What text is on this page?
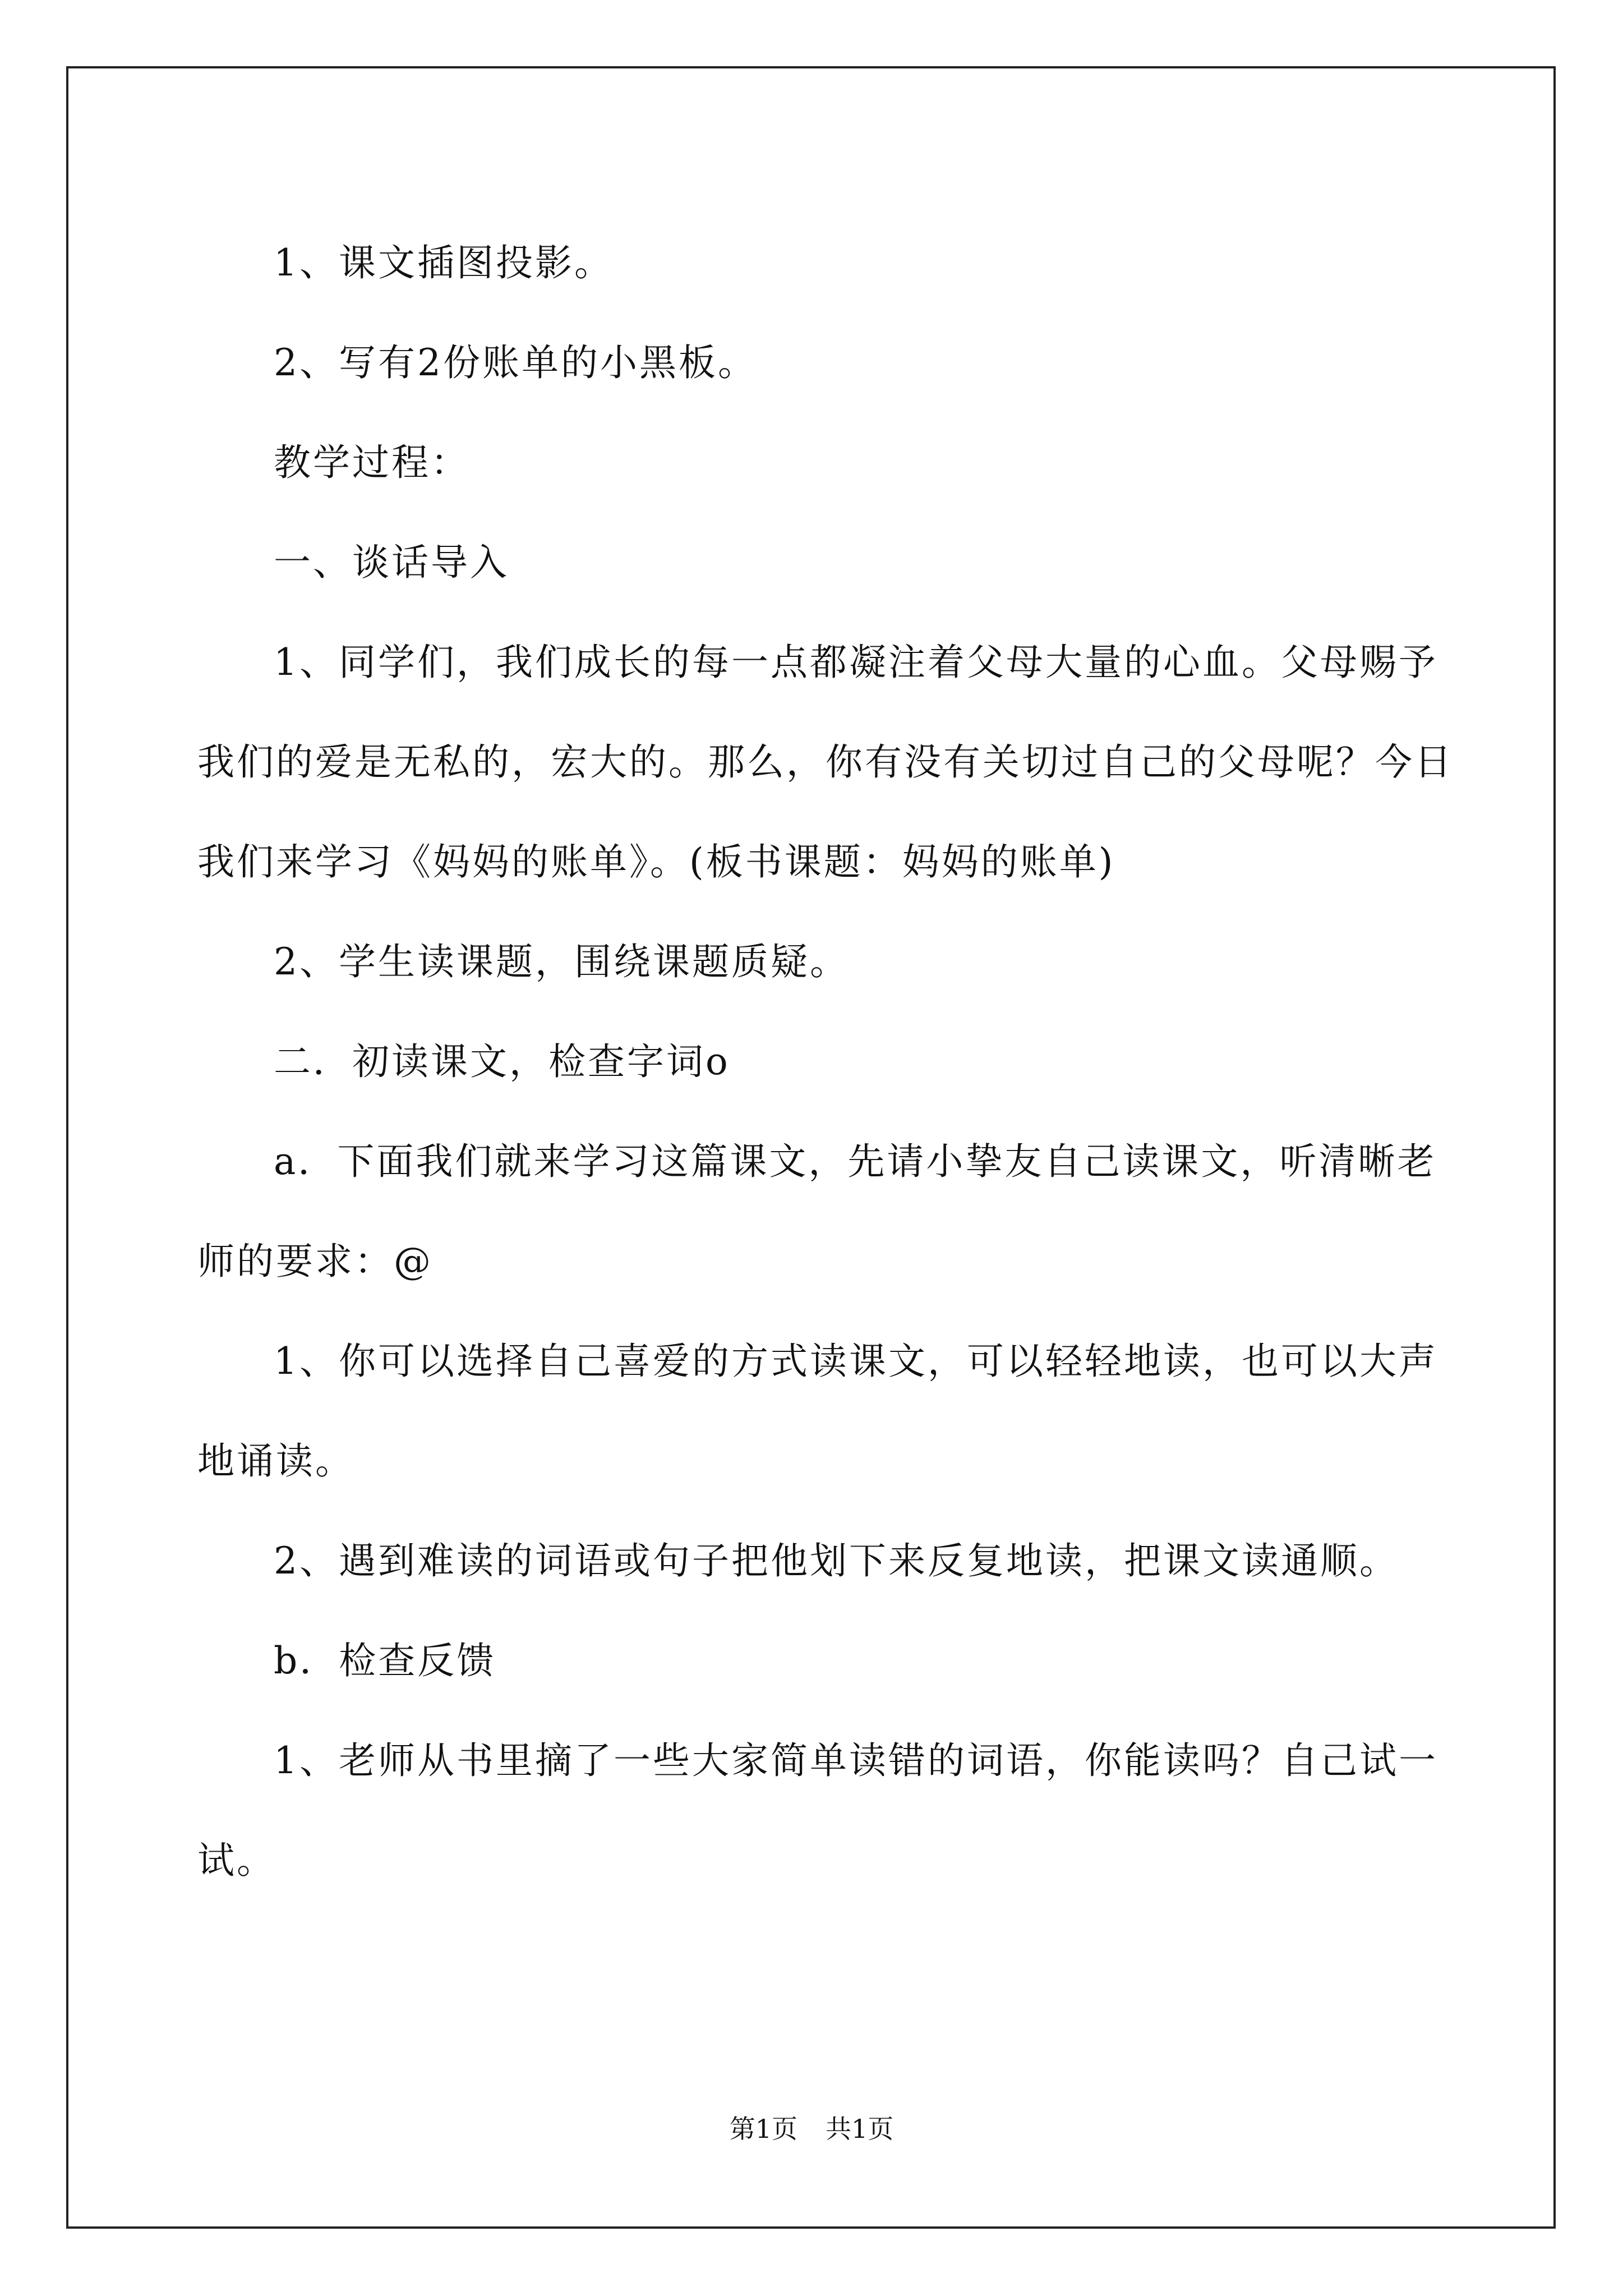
1、课文插图投影。

2、写有2份账单的小黑板。

教学过程：

一、谈话导入

1、同学们，我们成长的每一点都凝注着父母大量的心血。父母赐予我们的爱是无私的，宏大的。那么，你有没有关切过自己的父母呢？今日我们来学习《妈妈的账单》。(板书课题：妈妈的账单)

2、学生读课题，围绕课题质疑。

二．初读课文，检查字词o

a．下面我们就来学习这篇课文，先请小挚友自己读课文，听清晰老师的要求：@

1、你可以选择自己喜爱的方式读课文，可以轻轻地读，也可以大声地诵读。

2、遇到难读的词语或句子把他划下来反复地读，把课文读通顺。

b．检查反馈

1、老师从书里摘了一些大家简单读错的词语，你能读吗？自己试一试。

第1页 共1页
